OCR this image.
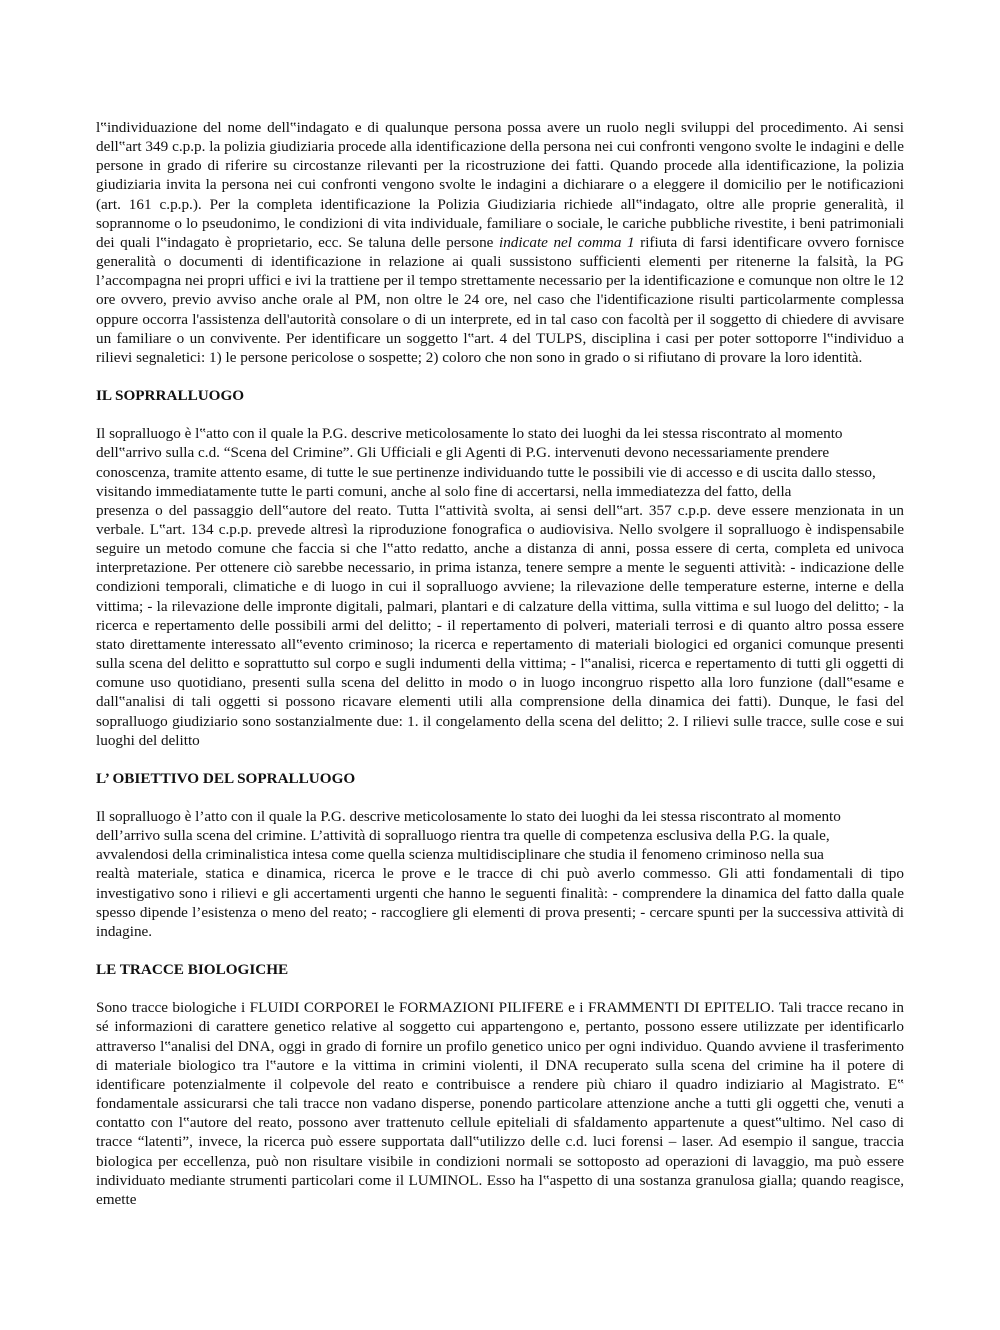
l‟individuazione del nome dell‟indagato e di qualunque persona possa avere un ruolo negli sviluppi del procedimento. Ai sensi dell‟art 349 c.p.p. la polizia giudiziaria procede alla identificazione della persona nei cui confronti vengono svolte le indagini e delle persone in grado di riferire su circostanze rilevanti per la ricostruzione dei fatti. Quando procede alla identificazione, la polizia giudiziaria invita la persona nei cui confronti vengono svolte le indagini a dichiarare o a eleggere il domicilio per le notificazioni (art. 161 c.p.p.). Per la completa identificazione la Polizia Giudiziaria richiede all‟indagato, oltre alle proprie generalità, il soprannome o lo pseudonimo, le condizioni di vita individuale, familiare o sociale, le cariche pubbliche rivestite, i beni patrimoniali dei quali l‟indagato è proprietario, ecc. Se taluna delle persone indicate nel comma 1 rifiuta di farsi identificare ovvero fornisce generalità o documenti di identificazione in relazione ai quali sussistono sufficienti elementi per ritenerne la falsità, la PG l’accompagna nei propri uffici e ivi la trattiene per il tempo strettamente necessario per la identificazione e comunque non oltre le 12 ore ovvero, previo avviso anche orale al PM, non oltre le 24 ore, nel caso che l'identificazione risulti particolarmente complessa oppure occorra l'assistenza dell'autorità consolare o di un interprete, ed in tal caso con facoltà per il soggetto di chiedere di avvisare un familiare o un convivente. Per identificare un soggetto l‟art. 4 del TULPS, disciplina i casi per poter sottoporre l‟individuo a rilievi segnaletici: 1) le persone pericolose o sospette; 2) coloro che non sono in grado o si rifiutano di provare la loro identità.

IL SOPRRALLUOGO

Il sopralluogo è l‟atto con il quale la P.G. descrive meticolosamente lo stato dei luoghi da lei stessa riscontrato al momento dell‟arrivo sulla c.d. “Scena del Crimine”. Gli Ufficiali e gli Agenti di P.G. intervenuti devono necessariamente prendere conoscenza, tramite attento esame, di tutte le sue pertinenze individuando tutte le possibili vie di accesso e di uscita dallo stesso, visitando immediatamente tutte le parti comuni, anche al solo fine di accertarsi, nella immediatezza del fatto, della

presenza o del passaggio dell‟autore del reato. Tutta l‟attività svolta, ai sensi dell‟art. 357 c.p.p. deve essere menzionata in un verbale. L‟art. 134 c.p.p. prevede altresì la riproduzione fonografica o audiovisiva. Nello svolgere il sopralluogo è indispensabile seguire un metodo comune che faccia si che l‟atto redatto, anche a distanza di anni, possa essere di certa, completa ed univoca interpretazione. Per ottenere ciò sarebbe necessario, in prima istanza, tenere sempre a mente le seguenti attività: - indicazione delle condizioni temporali, climatiche e di luogo in cui il sopralluogo avviene; la rilevazione delle temperature esterne, interne e della vittima; - la rilevazione delle impronte digitali, palmari, plantari e di calzature della vittima, sulla vittima e sul luogo del delitto; - la ricerca e repertamento delle possibili armi del delitto; - il repertamento di polveri, materiali terrosi e di quanto altro possa essere stato direttamente interessato all‟evento criminoso; la ricerca e repertamento di materiali biologici ed organici comunque presenti sulla scena del delitto e soprattutto sul corpo e sugli indumenti della vittima; - l‟analisi, ricerca e repertamento di tutti gli oggetti di comune uso quotidiano, presenti sulla scena del delitto in modo o in luogo incongruo rispetto alla loro funzione (dall‟esame e dall‟analisi di tali oggetti si possono ricavare elementi utili alla comprensione della dinamica dei fatti). Dunque, le fasi del sopralluogo giudiziario sono sostanzialmente due: 1. il congelamento della scena del delitto; 2. I rilievi sulle tracce, sulle cose e sui luoghi del delitto

L’ OBIETTIVO DEL SOPRALLUOGO

Il sopralluogo è l’atto con il quale la P.G. descrive meticolosamente lo stato dei luoghi da lei stessa riscontrato al momento dell’arrivo sulla scena del crimine. L’attività di sopralluogo rientra tra quelle di competenza esclusiva della P.G. la quale, avvalendosi della criminalistica intesa come quella scienza multidisciplinare che studia il fenomeno criminoso nella sua

realtà materiale, statica e dinamica, ricerca le prove e le tracce di chi può averlo commesso. Gli atti fondamentali di tipo investigativo sono i rilievi e gli accertamenti urgenti che hanno le seguenti finalità: - comprendere la dinamica del fatto dalla quale spesso dipende l’esistenza o meno del reato; - raccogliere gli elementi di prova presenti; - cercare spunti per la successiva attività di indagine.

LE TRACCE BIOLOGICHE

Sono tracce biologiche i FLUIDI CORPOREI le FORMAZIONI PILIFERE e i FRAMMENTI DI EPITELIO. Tali tracce recano in sé informazioni di carattere genetico relative al soggetto cui appartengono e, pertanto, possono essere utilizzate per identificarlo attraverso l‟analisi del DNA, oggi in grado di fornire un profilo genetico unico per ogni individuo. Quando avviene il trasferimento di materiale biologico tra l‟autore e la vittima in crimini violenti, il DNA recuperato sulla scena del crimine ha il potere di identificare potenzialmente il colpevole del reato e contribuisce a rendere più chiaro il quadro indiziario al Magistrato. E‟ fondamentale assicurarsi che tali tracce non vadano disperse, ponendo particolare attenzione anche a tutti gli oggetti che, venuti a contatto con l‟autore del reato, possono aver trattenuto cellule epiteliali di sfaldamento appartenute a quest‟ultimo. Nel caso di tracce “latenti”, invece, la ricerca può essere supportata dall‟utilizzo delle c.d. luci forensi – laser. Ad esempio il sangue, traccia biologica per eccellenza, può non risultare visibile in condizioni normali se sottoposto ad operazioni di lavaggio, ma può essere individuato mediante strumenti particolari come il LUMINOL. Esso ha l‟aspetto di una sostanza granulosa gialla; quando reagisce, emette
